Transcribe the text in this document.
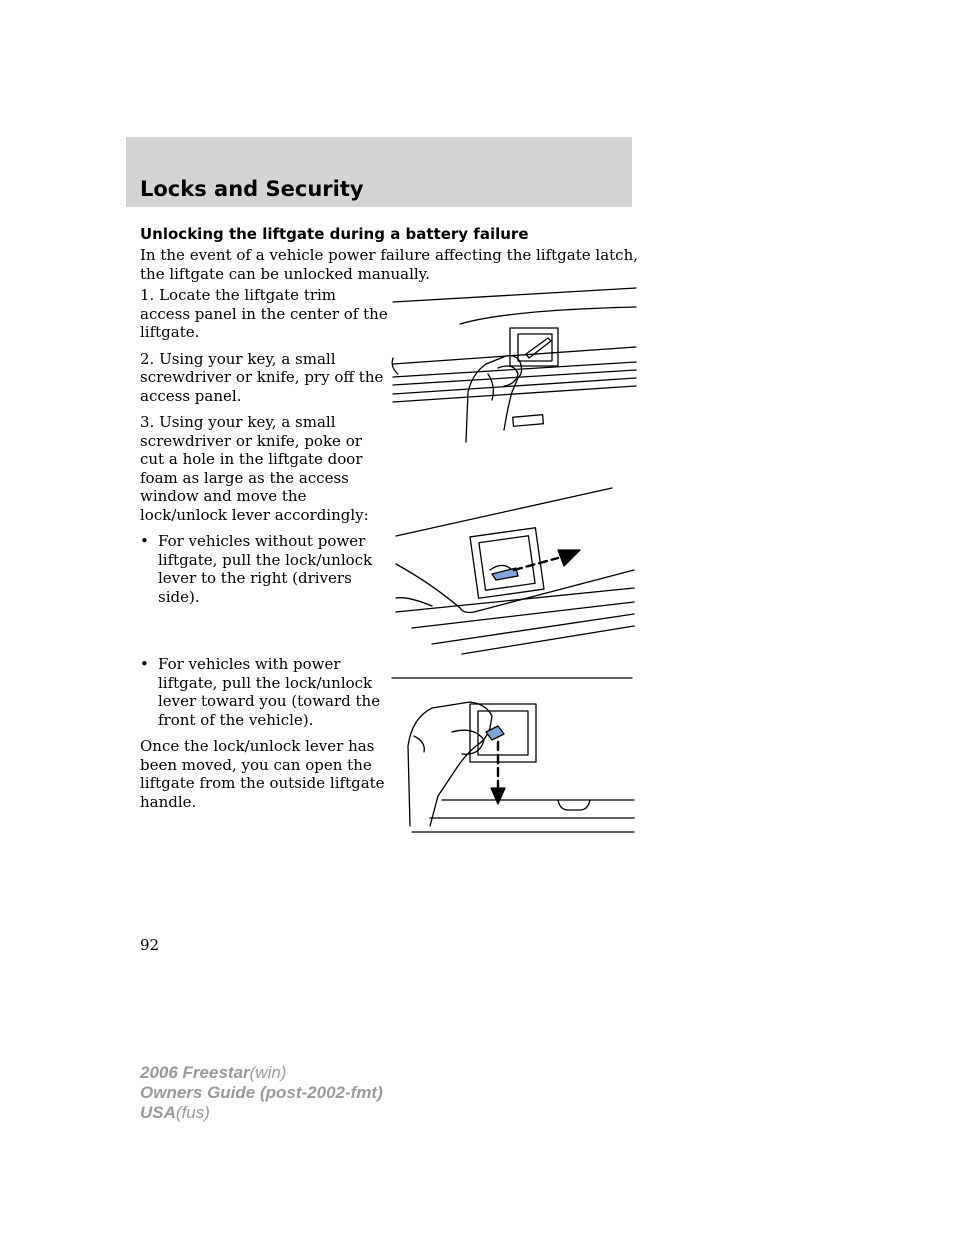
Locks and Security
Unlocking the liftgate during a battery failure

In the event of a vehicle power failure affecting the liftgate latch, the liftgate can be unlocked manually.

1. Locate the liftgate trim access panel in the center of the liftgate.

2. Using your key, a small screwdriver or knife, pry off the access panel.

3. Using your key, a small screwdriver or knife, poke or cut a hole in the liftgate door foam as large as the access window and move the lock/unlock lever accordingly:

• For vehicles without power liftgate, pull the lock/unlock lever to the right (drivers side).
• For vehicles with power liftgate, pull the lock/unlock lever toward you (toward the front of the vehicle).

Once the lock/unlock lever has been moved, you can open the liftgate from the outside liftgate handle.

92

2006 Freestar(win)
Owners Guide (post-2002-fmt)
USA(fus)
